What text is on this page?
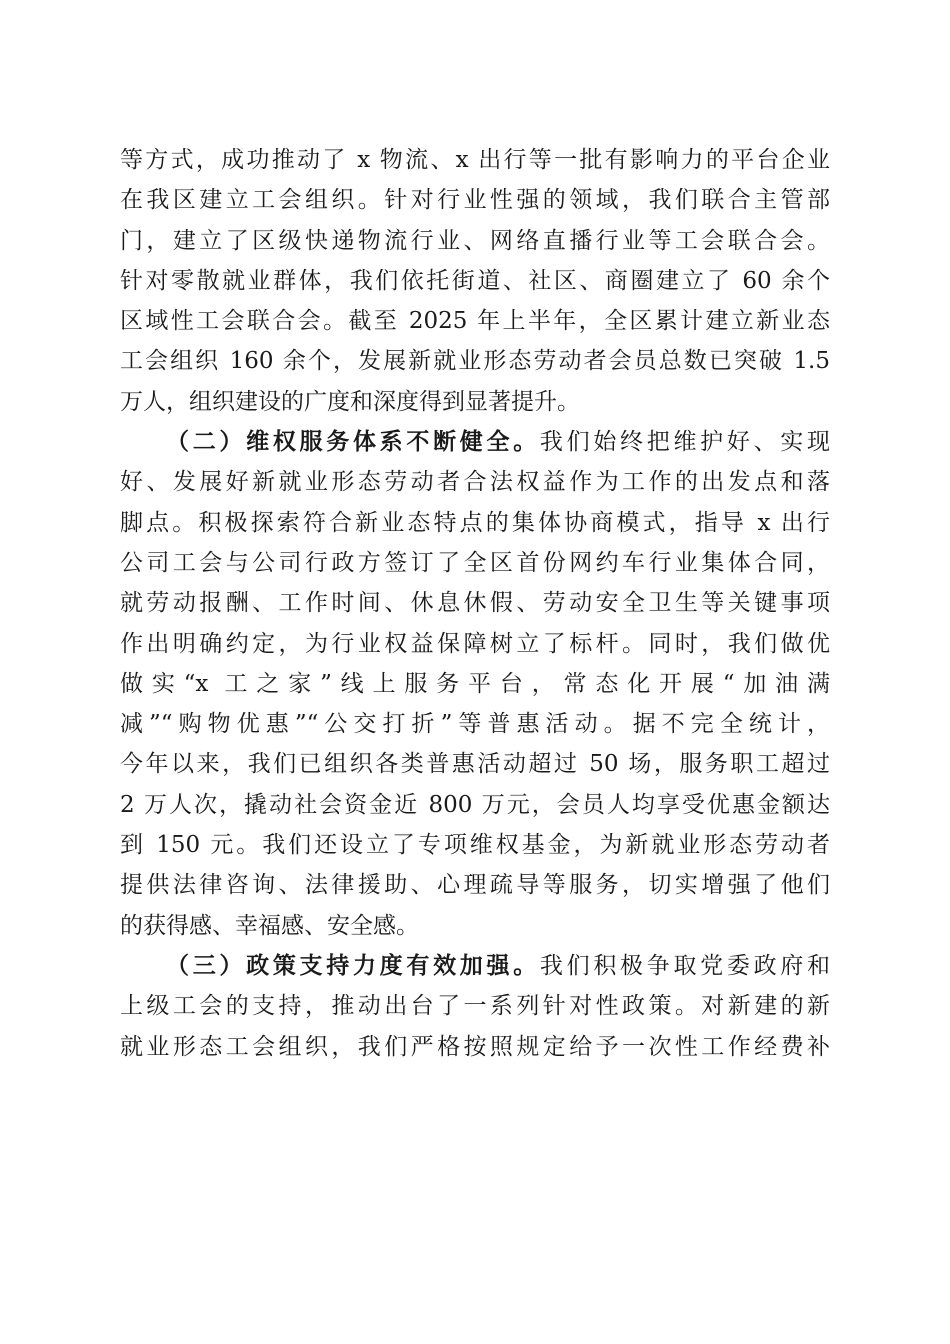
等方式，成功推动了 x 物流、x 出行等一批有影响力的平台企业
在我区建立工会组织。针对行业性强的领域，我们联合主管部
门，建立了区级快递物流行业、网络直播行业等工会联合会。
针对零散就业群体，我们依托街道、社区、商圈建立了 60 余个
区域性工会联合会。截至 2025 年上半年，全区累计建立新业态
工会组织 160 余个，发展新就业形态劳动者会员总数已突破 1.5
万人，组织建设的广度和深度得到显著提升。
（二）维权服务体系不断健全。我们始终把维护好、实现
好、发展好新就业形态劳动者合法权益作为工作的出发点和落
脚点。积极探索符合新业态特点的集体协商模式，指导 x 出行
公司工会与公司行政方签订了全区首份网约车行业集体合同，
就劳动报酬、工作时间、休息休假、劳动安全卫生等关键事项
作出明确约定，为行业权益保障树立了标杆。同时，我们做优
做实“x 工之家”线上服务平台，常态化开展“加油满
减”“购物优惠”“公交打折”等普惠活动。据不完全统计，
今年以来，我们已组织各类普惠活动超过 50 场，服务职工超过
2 万人次，撬动社会资金近 800 万元，会员人均享受优惠金额达
到 150 元。我们还设立了专项维权基金，为新就业形态劳动者
提供法律咨询、法律援助、心理疏导等服务，切实增强了他们
的获得感、幸福感、安全感。
（三）政策支持力度有效加强。我们积极争取党委政府和
上级工会的支持，推动出台了一系列针对性政策。对新建的新
就业形态工会组织，我们严格按照规定给予一次性工作经费补
